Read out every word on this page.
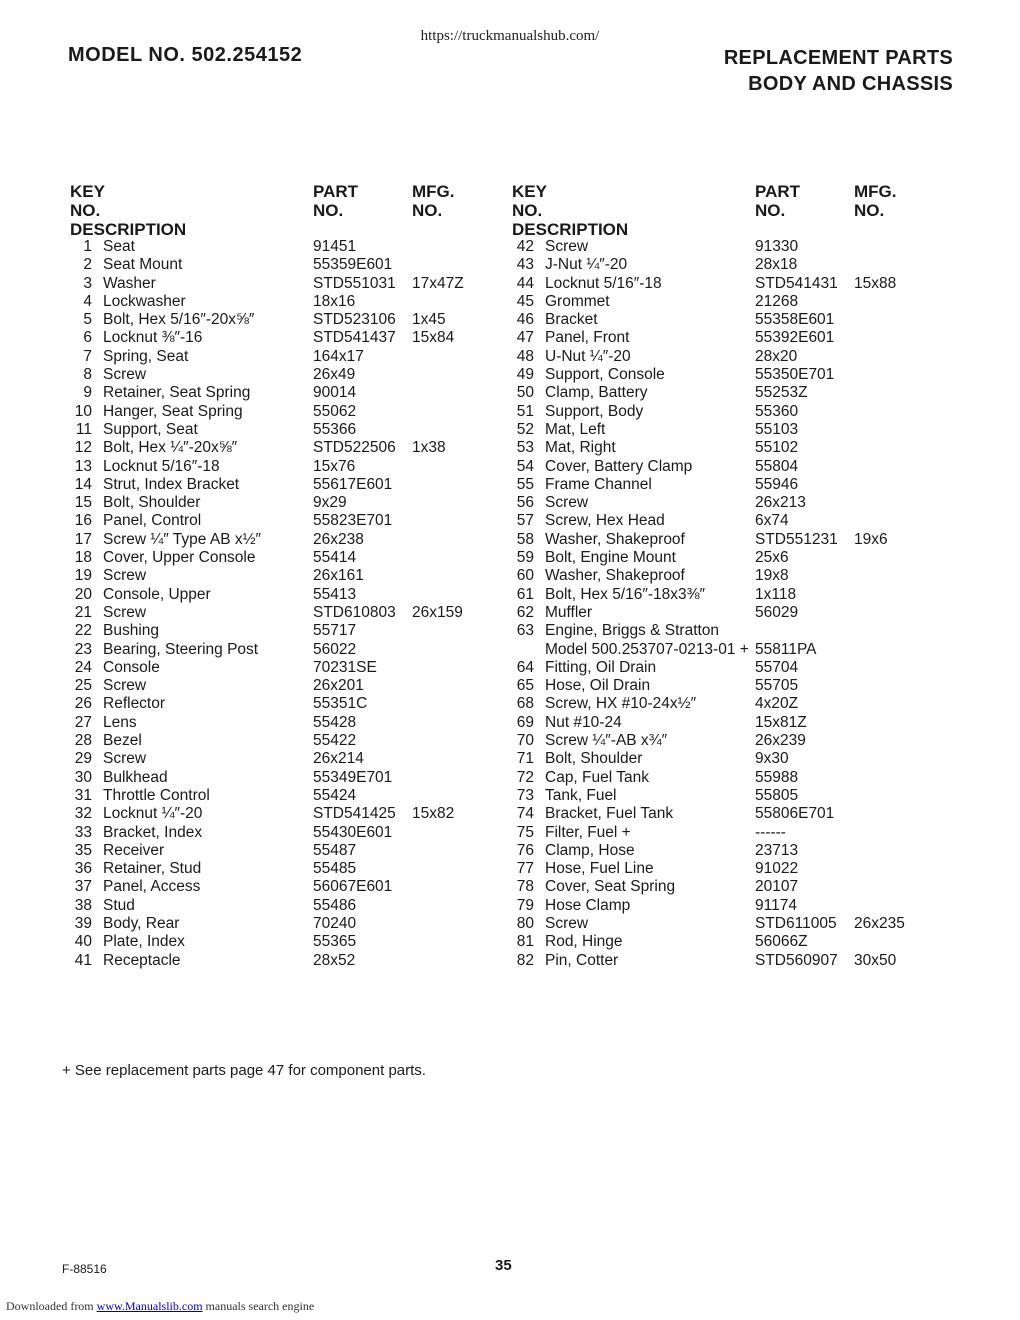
https://truckmanualshub.com/
MODEL NO. 502.254152	REPLACEMENT PARTS
BODY AND CHASSIS
KEY
NO. DESCRIPTION
PART
NO.
MFG.
NO.
1 Seat	91451
2 Seat Mount	55359E601
3 Washer	STD551031 17x47Z
4 Lockwasher	18x16
5 Bolt, Hex 5/16″-20x⅝″	STD523106 1x45
6 Locknut ⅜″-16	STD541437 15x84
7 Spring, Seat	164x17
8 Screw	26x49
9 Retainer, Seat Spring	90014
10 Hanger, Seat Spring	55062
11 Support, Seat	55366
12 Bolt, Hex ¼″-20x⅝″	STD522506 1x38
13 Locknut 5/16″-18	15x76
14 Strut, Index Bracket	55617E601
15 Bolt, Shoulder	9x29
16 Panel, Control	55823E701
17 Screw ¼″ Type AB x½″	26x238
18 Cover, Upper Console	55414
19 Screw	26x161
20 Console, Upper	55413
21 Screw	STD610803 26x159
22 Bushing	55717
23 Bearing, Steering Post	56022
24 Console	70231SE
25 Screw	26x201
26 Reflector	55351C
27 Lens	55428
28 Bezel	55422
29 Screw	26x214
30 Bulkhead	55349E701
31 Throttle Control	55424
32 Locknut ¼″-20	STD541425 15x82
33 Bracket, Index	55430E601
35 Receiver	55487
36 Retainer, Stud	55485
37 Panel, Access	56067E601
38 Stud	55486
39 Body, Rear	70240
40 Plate, Index	55365
41 Receptacle	28x52
KEY
NO. DESCRIPTION
PART
NO.
MFG.
NO.
42 Screw	91330
43 J-Nut ¼″-20	28x18
44 Locknut 5/16″-18	STD541431 15x88
45 Grommet	21268
46 Bracket	55358E601
47 Panel, Front	55392E601
48 U-Nut ¼″-20	28x20
49 Support, Console	55350E701
50 Clamp, Battery	55253Z
51 Support, Body	55360
52 Mat, Left	55103
53 Mat, Right	55102
54 Cover, Battery Clamp	55804
55 Frame Channel	55946
56 Screw	26x213
57 Screw, Hex Head	6x74
58 Washer, Shakeproof	STD551231 19x6
59 Bolt, Engine Mount	25x6
60 Washer, Shakeproof	19x8
61 Bolt, Hex 5/16″-18x3⅜″	1x118
62 Muffler	56029
63 Engine, Briggs & Stratton
Model 500.253707-0213-01 + 55811PA
64 Fitting, Oil Drain	55704
65 Hose, Oil Drain	55705
68 Screw, HX #10-24x½″	4x20Z
69 Nut #10-24	15x81Z
70 Screw ¼″-AB x¾″	26x239
71 Bolt, Shoulder	9x30
72 Cap, Fuel Tank	55988
73 Tank, Fuel	55805
74 Bracket, Fuel Tank	55806E701
75 Filter, Fuel +	------
76 Clamp, Hose	23713
77 Hose, Fuel Line	91022
78 Cover, Seat Spring	20107
79 Hose Clamp	91174
80 Screw	STD611005 26x235
81 Rod, Hinge	56066Z
82 Pin, Cotter	STD560907 30x50
+ See replacement parts page 47 for component parts.
F-88516	35
Downloaded from www.Manualslib.com manuals search engine
